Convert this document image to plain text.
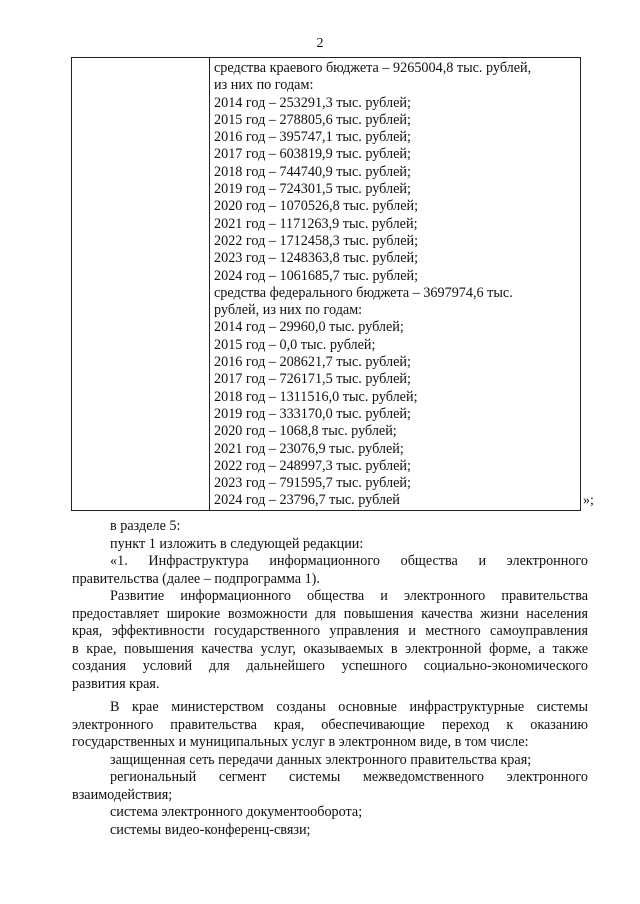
2
средства краевого бюджета – 9265004,8 тыс. рублей,
из них по годам:
2014 год – 253291,3 тыс. рублей;
2015 год – 278805,6 тыс. рублей;
2016 год – 395747,1 тыс. рублей;
2017 год – 603819,9 тыс. рублей;
2018 год – 744740,9 тыс. рублей;
2019 год – 724301,5 тыс. рублей;
2020 год – 1070526,8 тыс. рублей;
2021 год – 1171263,9 тыс. рублей;
2022 год – 1712458,3 тыс. рублей;
2023 год – 1248363,8 тыс. рублей;
2024 год – 1061685,7 тыс. рублей;
средства федерального бюджета – 3697974,6 тыс.
рублей, из них по годам:
2014 год – 29960,0 тыс. рублей;
2015 год – 0,0 тыс. рублей;
2016 год – 208621,7 тыс. рублей;
2017 год – 726171,5 тыс. рублей;
2018 год – 1311516,0 тыс. рублей;
2019 год – 333170,0 тыс. рублей;
2020 год – 1068,8 тыс. рублей;
2021 год – 23076,9 тыс. рублей;
2022 год – 248997,3 тыс. рублей;
2023 год – 791595,7 тыс. рублей;
2024 год – 23796,7 тыс. рублей	»;

в разделе 5:

пункт 1 изложить в следующей редакции:

«1. Инфраструктура информационного общества и электронного

правительства (далее – подпрограмма 1).

Развитие информационного общества и электронного правительства

предоставляет широкие возможности для повышения качества жизни населения

края, эффективности государственного управления и местного самоуправления

в крае, повышения качества услуг, оказываемых в электронной форме, а также

создания условий для дальнейшего успешного социально-экономического

развития края.

В крае министерством созданы основные инфраструктурные системы

электронного правительства края, обеспечивающие переход к оказанию

государственных и муниципальных услуг в электронном виде, в том числе:

защищенная сеть передачи данных электронного правительства края;

региональный сегмент системы межведомственного электронного

взаимодействия;

система электронного документооборота;

системы видео-конференц-связи;
